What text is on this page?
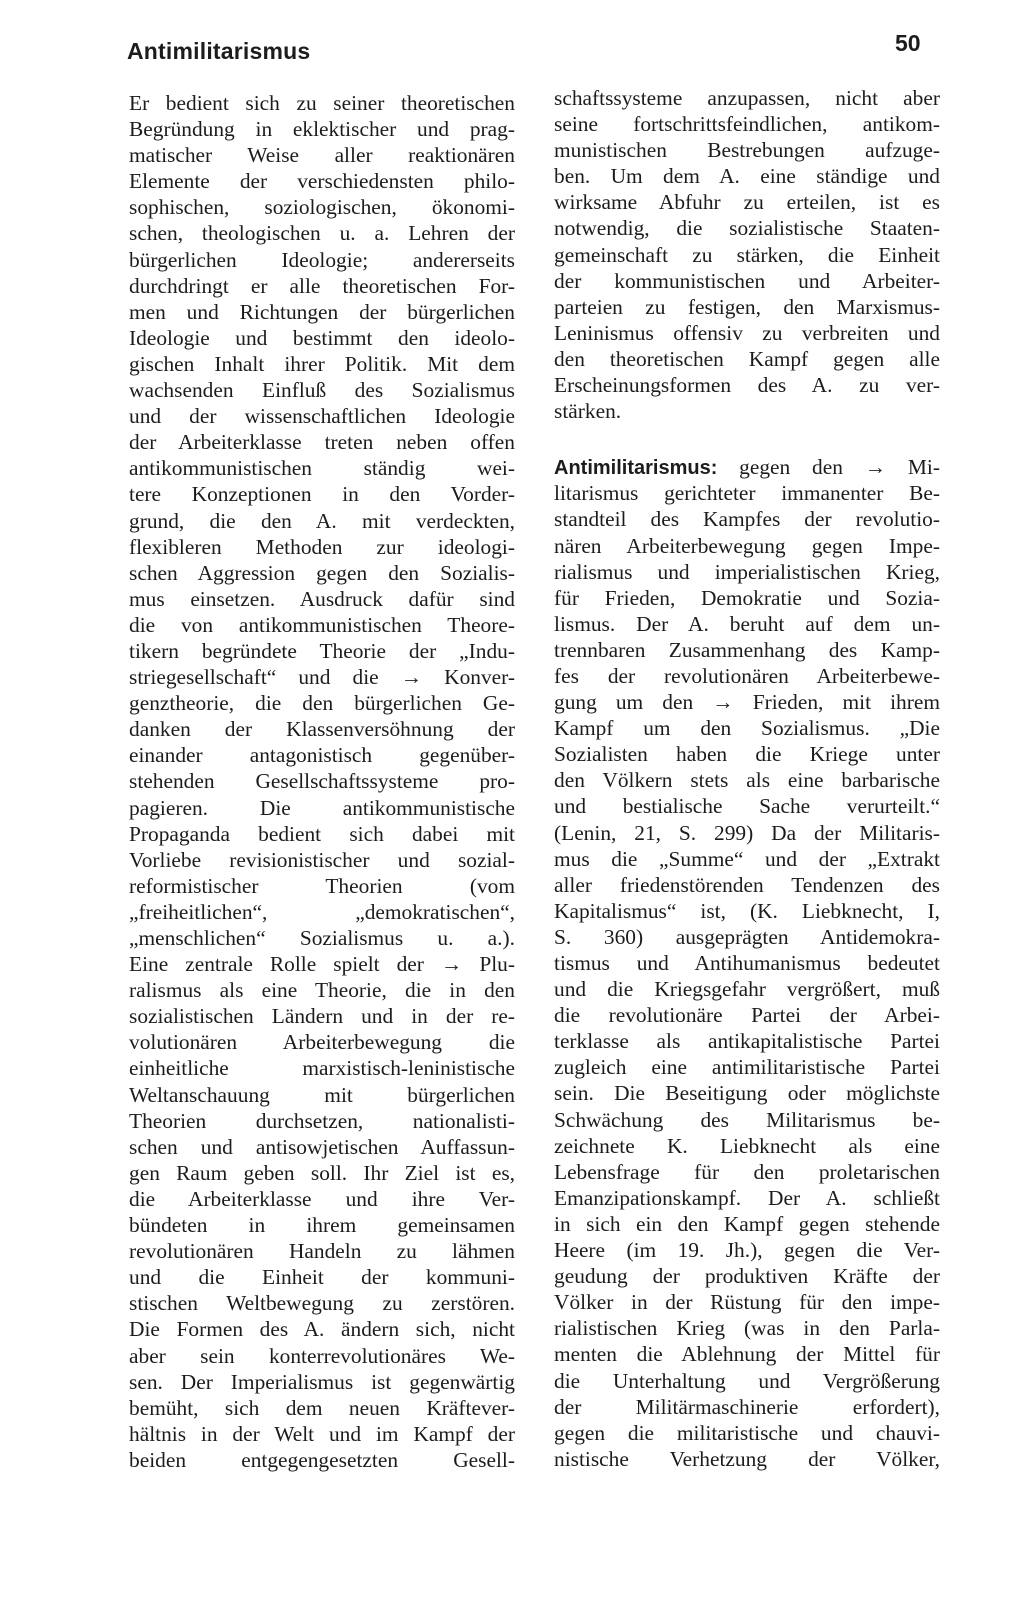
Antimilitarismus	50
Er bedient sich zu seiner theoretischen
Begründung in eklektischer und prag-
matischer Weise aller reaktionären
Elemente der verschiedensten philo-
sophischen, soziologischen, ökonomi-
schen, theologischen u. a. Lehren der
bürgerlichen Ideologie; andererseits
durchdringt er alle theoretischen For-
men und Richtungen der bürgerlichen
Ideologie und bestimmt den ideolo-
gischen Inhalt ihrer Politik. Mit dem
wachsenden Einfluß des Sozialismus
und der wissenschaftlichen Ideologie
der Arbeiterklasse treten neben offen
antikommunistischen ständig wei-
tere Konzeptionen in den Vorder-
grund, die den A. mit verdeckten,
flexibleren Methoden zur ideologi-
schen Aggression gegen den Sozialis-
mus einsetzen. Ausdruck dafür sind
die von antikommunistischen Theore-
tikern begründete Theorie der „Indu-
striegesellschaft“ und die → Konver-
genztheorie, die den bürgerlichen Ge-
danken der Klassenversöhnung der
einander antagonistisch gegenüber-
stehenden Gesellschaftssysteme pro-
pagieren. Die antikommunistische
Propaganda bedient sich dabei mit
Vorliebe revisionistischer und sozial-
reformistischer Theorien (vom
„freiheitlichen“, „demokratischen“,
„menschlichen“ Sozialismus u. a.).
Eine zentrale Rolle spielt der → Plu-
ralismus als eine Theorie, die in den
sozialistischen Ländern und in der re-
volutionären Arbeiterbewegung die
einheitliche marxistisch-leninistische
Weltanschauung mit bürgerlichen
Theorien durchsetzen, nationalisti-
schen und antisowjetischen Auffassun-
gen Raum geben soll. Ihr Ziel ist es,
die Arbeiterklasse und ihre Ver-
bündeten in ihrem gemeinsamen
revolutionären Handeln zu lähmen
und die Einheit der kommuni-
stischen Weltbewegung zu zerstören.
Die Formen des A. ändern sich, nicht
aber sein konterrevolutionäres We-
sen. Der Imperialismus ist gegenwärtig
bemüht, sich dem neuen Kräftever-
hältnis in der Welt und im Kampf der
beiden entgegengesetzten Gesell-
schaftssysteme anzupassen, nicht aber
seine fortschrittsfeindlichen, antikom-
munistischen Bestrebungen aufzuge-
ben. Um dem A. eine ständige und
wirksame Abfuhr zu erteilen, ist es
notwendig, die sozialistische Staaten-
gemeinschaft zu stärken, die Einheit
der kommunistischen und Arbeiter-
parteien zu festigen, den Marxismus-
Leninismus offensiv zu verbreiten und
den theoretischen Kampf gegen alle
Erscheinungsformen des A. zu ver-
stärken.
Antimilitarismus: gegen den → Mi-
litarismus gerichteter immanenter Be-
standteil des Kampfes der revolutio-
nären Arbeiterbewegung gegen Impe-
rialismus und imperialistischen Krieg,
für Frieden, Demokratie und Sozia-
lismus. Der A. beruht auf dem un-
trennbaren Zusammenhang des Kamp-
fes der revolutionären Arbeiterbewe-
gung um den → Frieden, mit ihrem
Kampf um den Sozialismus. „Die
Sozialisten haben die Kriege unter
den Völkern stets als eine barbarische
und bestialische Sache verurteilt.“
(Lenin, 21, S. 299) Da der Militaris-
mus die „Summe“ und der „Extrakt
aller friedenstörenden Tendenzen des
Kapitalismus“ ist, (K. Liebknecht, I,
S. 360) ausgeprägten Antidemokra-
tismus und Antihumanismus bedeutet
und die Kriegsgefahr vergrößert, muß
die revolutionäre Partei der Arbei-
terklasse als antikapitalistische Partei
zugleich eine antimilitaristische Partei
sein. Die Beseitigung oder möglichste
Schwächung des Militarismus be-
zeichnete K. Liebknecht als eine
Lebensfrage für den proletarischen
Emanzipationskampf. Der A. schließt
in sich ein den Kampf gegen stehende
Heere (im 19. Jh.), gegen die Ver-
geudung der produktiven Kräfte der
Völker in der Rüstung für den impe-
rialistischen Krieg (was in den Parla-
menten die Ablehnung der Mittel für
die Unterhaltung und Vergrößerung
der Militärmaschinerie erfordert),
gegen die militaristische und chauvi-
nistische Verhetzung der Völker,
